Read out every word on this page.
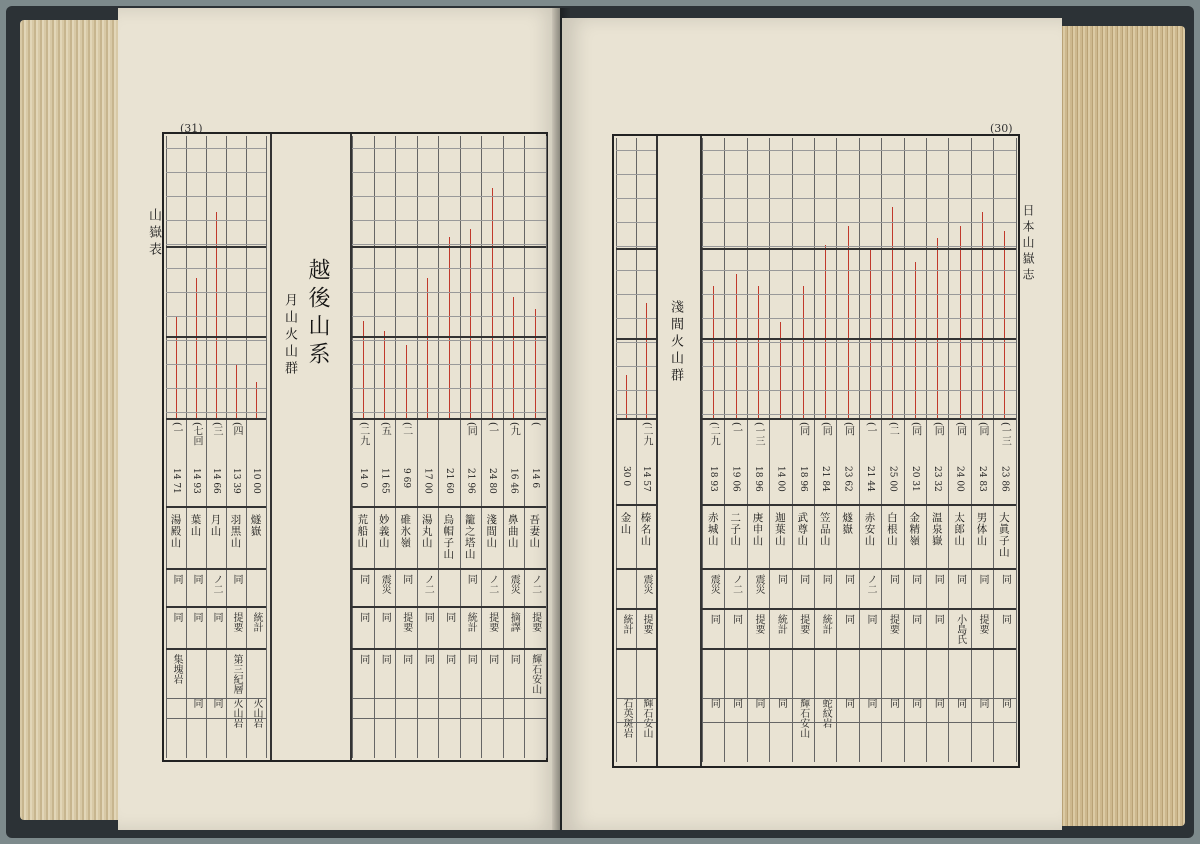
(31)
山嶽表
越後山系
月山火山群
(一
14 71
湯殿山
同
同
集塊岩
(七回
14 93
葉山
同
同
同
(三
14 66
月山
ノ二
同
同
(四
13 39
羽黒山
同
提要
第三紀層
火山岩
10 00
燧嶽
統計
火山岩
(二九
14 0
荒船山
同
同
同
(五
11 65
妙義山
震災
同
同
(二
9 69
碓氷嶺
同
提要
同
17 00
湯丸山
ノ二
同
同
21 60
烏帽子山
同
同
(同
21 96
籠之塔山
同
統計
同
(一
24 80
淺間山
ノ二
提要
同
(九
16 46
鼻曲山
震災
摘譯
同
(
14 6
吾妻山
ノ二
提要
輝石安山
(30)
日本山嶽志
淺間火山群
30 0
金山
統計
石英斑岩
(二九
14 57
榛名山
震災
提要
輝石安山
(二九
18 93
赤城山
震災
同
同
(一
19 06
二子山
ノ二
同
同
(一三
18 96
庚申山
震災
提要
同
14 00
迦葉山
同
統計
同
(同
18 96
武尊山
同
提要
輝石安山
(同
21 84
笠品山
同
統計
蛇紋岩
(同
23 62
燧嶽
同
同
同
(一
21 44
赤安山
ノ二
同
同
(二
25 00
白根山
同
提要
同
(同
20 31
金精嶺
同
同
同
(同
23 32
温泉嶽
同
同
同
(同
24 00
太郎山
同
小島氏
同
(同
24 83
男体山
同
提要
同
(一三
23 86
大眞子山
同
同
同
